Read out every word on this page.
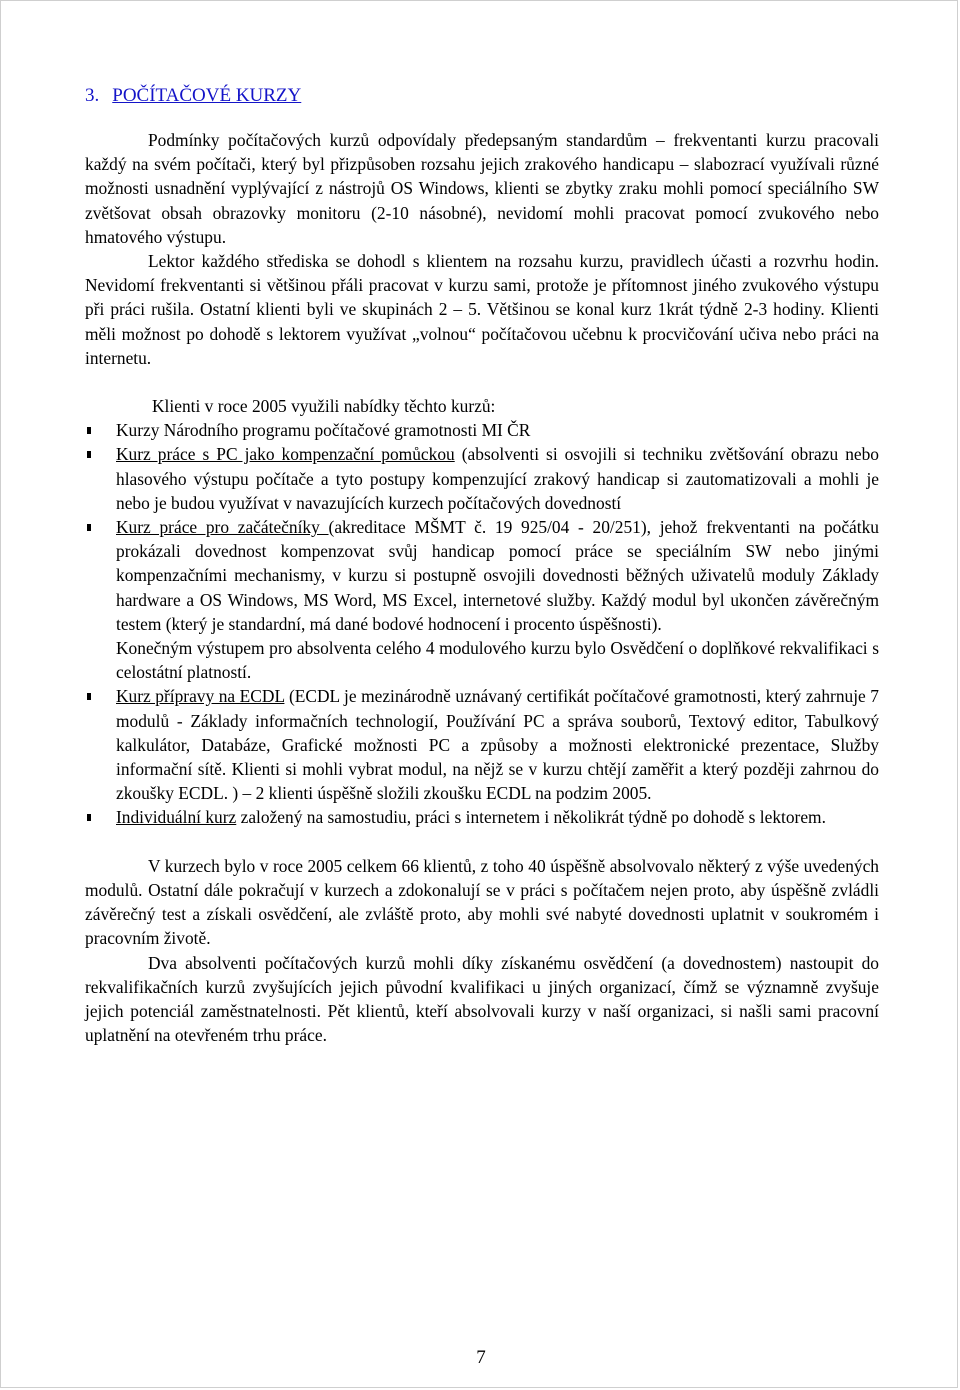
3. POČÍTAČOVÉ KURZY

Podmínky počítačových kurzů odpovídaly předepsaným standardům – frekventanti kurzu pracovali každý na svém počítači, který byl přizpůsoben rozsahu jejich zrakového handicapu – slabozrací využívali různé možnosti usnadnění vyplývající z nástrojů OS Windows, klienti se zbytky zraku mohli pomocí speciálního SW zvětšovat obsah obrazovky monitoru (2-10 násobné), nevidomí mohli pracovat pomocí zvukového nebo hmatového výstupu.

Lektor každého střediska se dohodl s klientem na rozsahu kurzu, pravidlech účasti a rozvrhu hodin. Nevidomí frekventanti si většinou přáli pracovat v kurzu sami, protože je přítomnost jiného zvukového výstupu při práci rušila. Ostatní klienti byli ve skupinách 2 – 5. Většinou se konal kurz 1krát týdně 2-3 hodiny. Klienti měli možnost po dohodě s lektorem využívat „volnou“ počítačovou učebnu k procvičování učiva nebo práci na internetu.

Klienti v roce 2005 využili nabídky těchto kurzů:

Kurzy Národního programu počítačové gramotnosti MI ČR
Kurz práce s PC jako kompenzační pomůckou (absolventi si osvojili si techniku zvětšování obrazu nebo hlasového výstupu počítače a tyto postupy kompenzující zrakový handicap si zautomatizovali a mohli je nebo je budou využívat v navazujících kurzech počítačových dovedností
Kurz práce pro začátečníky (akreditace MŠMT č. 19 925/04 - 20/251), jehož frekventanti na počátku prokázali dovednost kompenzovat svůj handicap pomocí práce se speciálním SW nebo jinými kompenzačními mechanismy, v kurzu si postupně osvojili dovednosti běžných uživatelů moduly Základy hardware a OS Windows, MS Word, MS Excel, internetové služby. Každý modul byl ukončen závěrečným testem (který je standardní, má dané bodové hodnocení i procento úspěšnosti).
Konečným výstupem pro absolventa celého 4 modulového kurzu bylo Osvědčení o doplňkové rekvalifikaci s celostátní platností.
Kurz přípravy na ECDL (ECDL je mezinárodně uznávaný certifikát počítačové gramotnosti, který zahrnuje 7 modulů - Základy informačních technologií, Používání PC a správa souborů, Textový editor, Tabulkový kalkulátor, Databáze, Grafické možnosti PC a způsoby a možnosti elektronické prezentace, Služby informační sítě. Klienti si mohli vybrat modul, na nějž se v kurzu chtějí zaměřit a který později zahrnou do zkoušky ECDL. ) – 2 klienti úspěšně složili zkoušku ECDL na podzim 2005.
Individuální kurz založený na samostudiu, práci s internetem i několikrát týdně po dohodě s lektorem.

V kurzech bylo v roce 2005 celkem 66 klientů, z toho 40 úspěšně absolvovalo některý z výše uvedených modulů. Ostatní dále pokračují v kurzech a zdokonalují se v práci s počítačem nejen proto, aby úspěšně zvládli závěrečný test a získali osvědčení, ale zvláště proto, aby mohli své nabyté dovednosti uplatnit v soukromém i pracovním životě.

Dva absolventi počítačových kurzů mohli díky získanému osvědčení (a dovednostem) nastoupit do rekvalifikačních kurzů zvyšujících jejich původní kvalifikaci u jiných organizací, čímž se významně zvyšuje jejich potenciál zaměstnatelnosti. Pět klientů, kteří absolvovali kurzy v naší organizaci, si našli sami pracovní uplatnění na otevřeném trhu práce.

7
